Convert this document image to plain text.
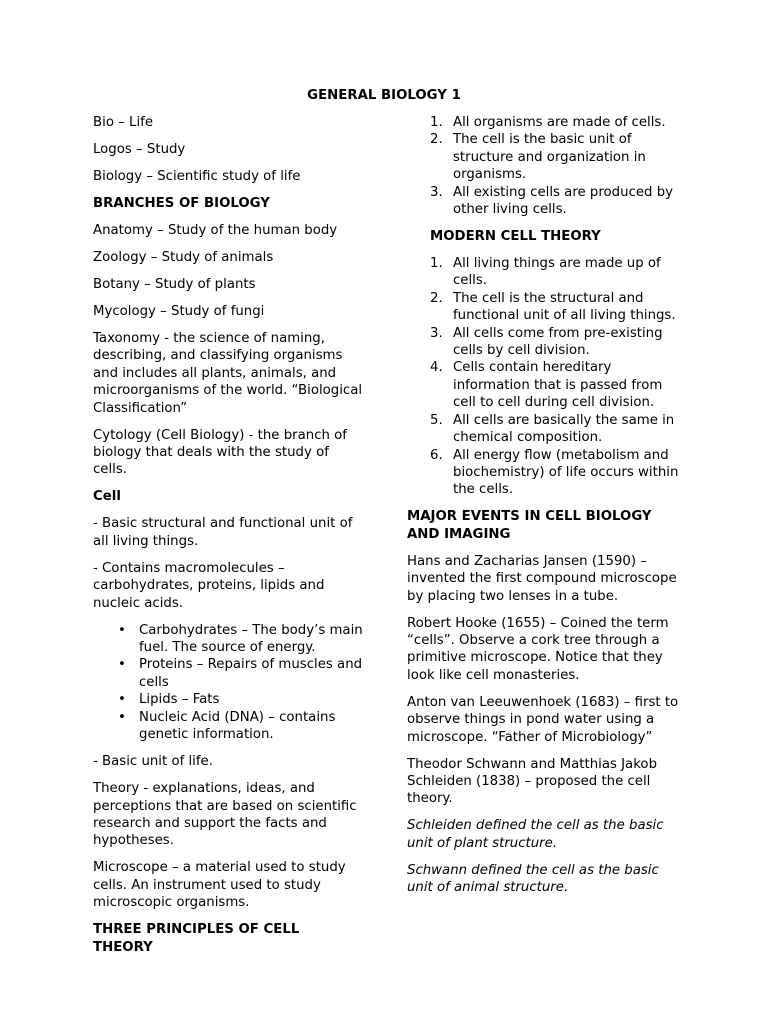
GENERAL BIOLOGY 1

Bio – Life

Logos – Study

Biology – Scientific study of life

BRANCHES OF BIOLOGY

Anatomy – Study of the human body

Zoology – Study of animals

Botany – Study of plants

Mycology – Study of fungi

Taxonomy - the science of naming, describing, and classifying organisms and includes all plants, animals, and microorganisms of the world. “Biological Classification”

Cytology (Cell Biology) - the branch of biology that deals with the study of cells.

Cell

- Basic structural and functional unit of all living things.

- Contains macromolecules – carbohydrates, proteins, lipids and nucleic acids.

• Carbohydrates – The body’s main fuel. The source of energy.
• Proteins – Repairs of muscles and cells
• Lipids – Fats
• Nucleic Acid (DNA) – contains genetic information.

- Basic unit of life.

Theory - explanations, ideas, and perceptions that are based on scientific research and support the facts and hypotheses.

Microscope – a material used to study cells. An instrument used to study microscopic organisms.

THREE PRINCIPLES OF CELL THEORY

1. All organisms are made of cells.
2. The cell is the basic unit of structure and organization in organisms.
3. All existing cells are produced by other living cells.

MODERN CELL THEORY

1. All living things are made up of cells.
2. The cell is the structural and functional unit of all living things.
3. All cells come from pre-existing cells by cell division.
4. Cells contain hereditary information that is passed from cell to cell during cell division.
5. All cells are basically the same in chemical composition.
6. All energy flow (metabolism and biochemistry) of life occurs within the cells.

MAJOR EVENTS IN CELL BIOLOGY AND IMAGING

Hans and Zacharias Jansen (1590) – invented the first compound microscope by placing two lenses in a tube.

Robert Hooke (1655) – Coined the term “cells”. Observe a cork tree through a primitive microscope. Notice that they look like cell monasteries.

Anton van Leeuwenhoek (1683) – first to observe things in pond water using a microscope. “Father of Microbiology”

Theodor Schwann and Matthias Jakob Schleiden (1838) – proposed the cell theory.

Schleiden defined the cell as the basic unit of plant structure.

Schwann defined the cell as the basic unit of animal structure.
